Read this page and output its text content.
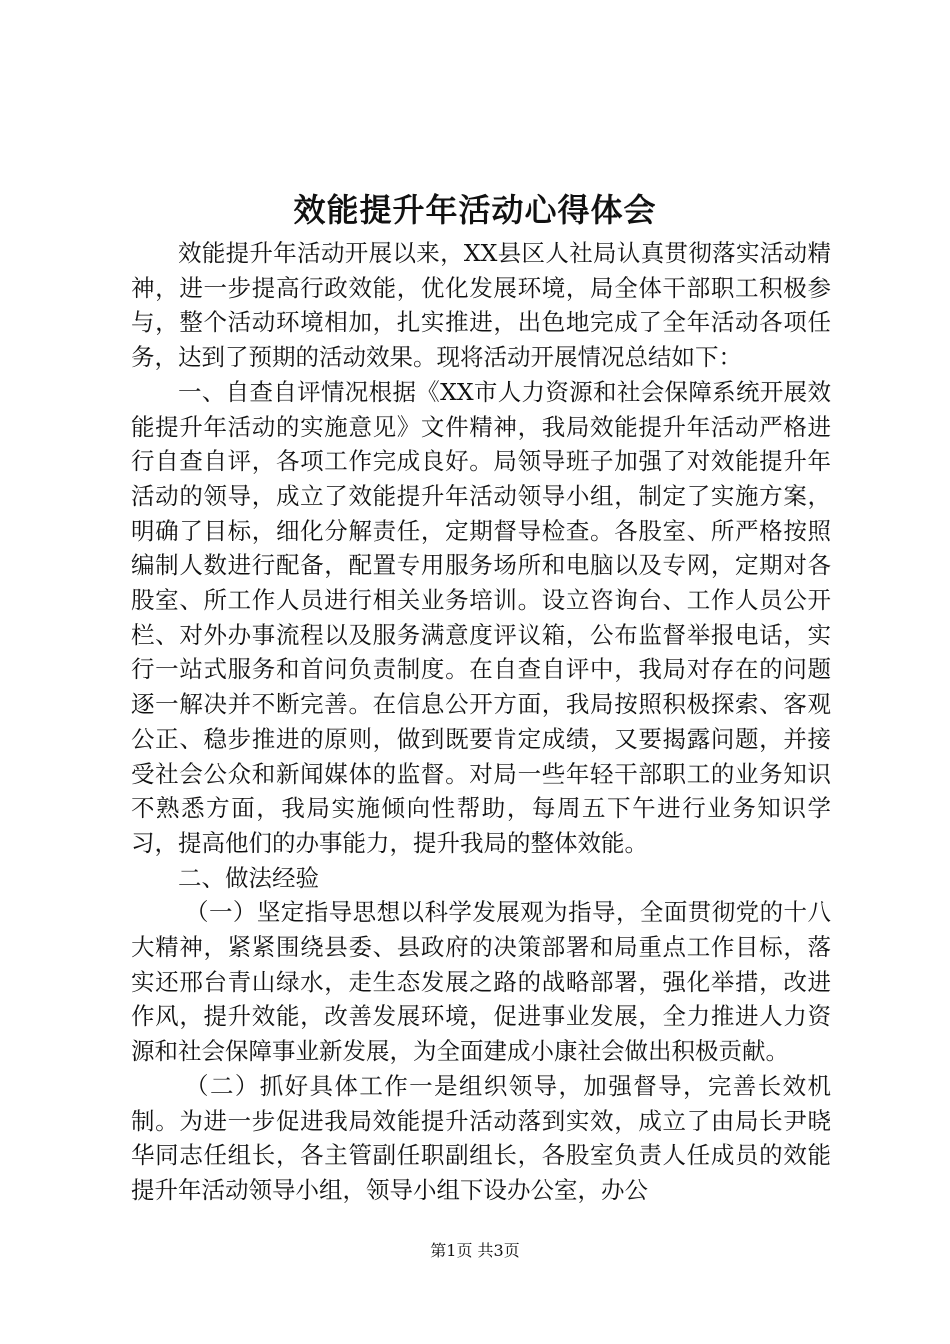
效能提升年活动心得体会

效能提升年活动开展以来，XX县区人社局认真贯彻落实活动精神，进一步提高行政效能，优化发展环境，局全体干部职工积极参与，整个活动环境相加，扎实推进，出色地完成了全年活动各项任务，达到了预期的活动效果。现将活动开展情况总结如下：

一、自查自评情况根据《XX市人力资源和社会保障系统开展效能提升年活动的实施意见》文件精神，我局效能提升年活动严格进行自查自评，各项工作完成良好。局领导班子加强了对效能提升年活动的领导，成立了效能提升年活动领导小组，制定了实施方案，明确了目标，细化分解责任，定期督导检查。各股室、所严格按照编制人数进行配备，配置专用服务场所和电脑以及专网，定期对各股室、所工作人员进行相关业务培训。设立咨询台、工作人员公开栏、对外办事流程以及服务满意度评议箱，公布监督举报电话，实行一站式服务和首问负责制度。在自查自评中，我局对存在的问题逐一解决并不断完善。在信息公开方面，我局按照积极探索、客观公正、稳步推进的原则，做到既要肯定成绩，又要揭露问题，并接受社会公众和新闻媒体的监督。对局一些年轻干部职工的业务知识不熟悉方面，我局实施倾向性帮助，每周五下午进行业务知识学习，提高他们的办事能力，提升我局的整体效能。

二、做法经验

（一）坚定指导思想以科学发展观为指导，全面贯彻党的十八大精神，紧紧围绕县委、县政府的决策部署和局重点工作目标，落实还邢台青山绿水，走生态发展之路的战略部署，强化举措，改进作风，提升效能，改善发展环境，促进事业发展，全力推进人力资源和社会保障事业新发展，为全面建成小康社会做出积极贡献。

（二）抓好具体工作一是组织领导，加强督导，完善长效机制。为进一步促进我局效能提升活动落到实效，成立了由局长尹晓华同志任组长，各主管副任职副组长，各股室负责人任成员的效能提升年活动领导小组，领导小组下设办公室，办公

第1页 共3页
